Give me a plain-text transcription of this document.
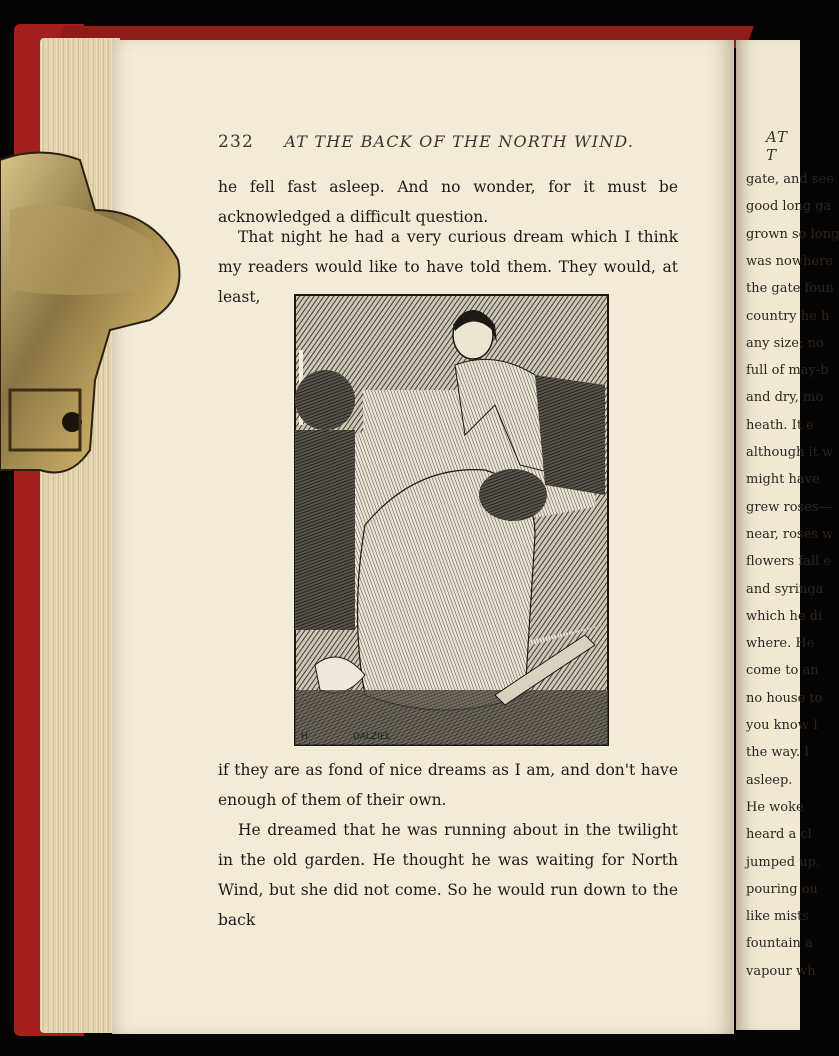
232 AT THE BACK OF THE NORTH WIND.

he fell fast asleep. And no wonder, for it must be acknowledged a difficult question.

That night he had a very curious dream which I think my readers would like to have told them. They would, at least,

H	DALZIEL

if they are as fond of nice dreams as I am, and don't have enough of them of their own.

He dreamed that he was running about in the twilight in the old garden. He thought he was waiting for North Wind, but she did not come. So he would run down to the back

AT T
gate, and see
good long ga
grown so long
was nowhere
the gate foun
country he h
any size; no
full of may-b
and dry, mo
heath. It e
although it w
might have
grew roses—
near, roses w
flowers fall e
and syringa
which he di
where. He
come to an
no house to
you know I
the way. I
asleep.
He woke
heard a cl
jumped up,
pouring ou
like mists
fountain a
vapour wh
